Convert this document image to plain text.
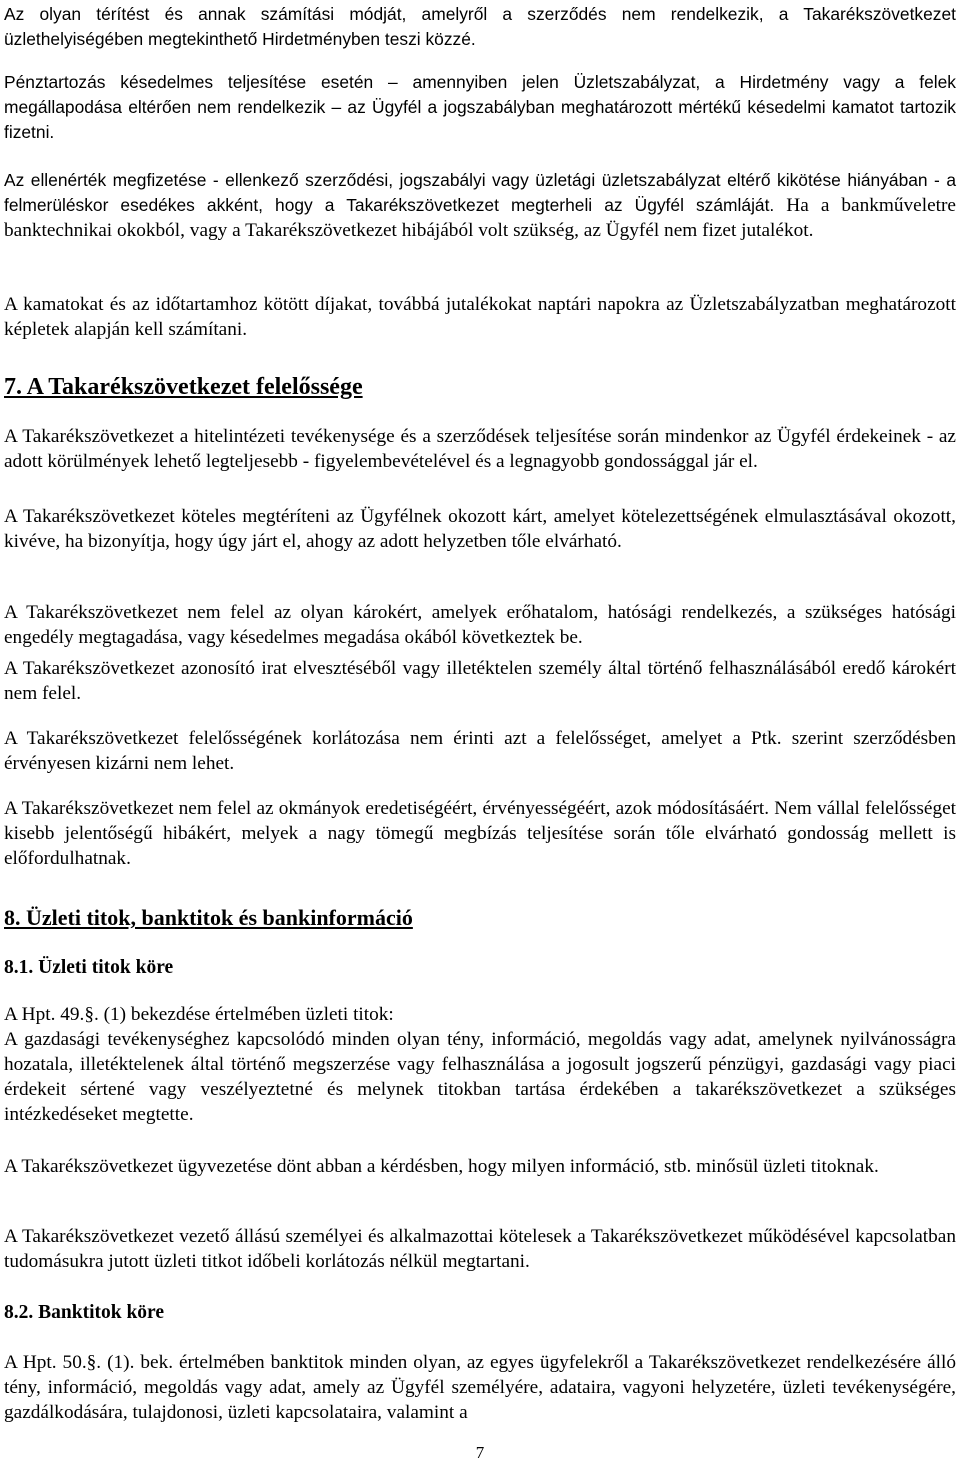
Az olyan térítést és annak számítási módját, amelyről a szerződés nem rendelkezik, a Takarékszövetkezet üzlethelyiségében megtekinthető Hirdetményben teszi közzé.

Pénztartozás késedelmes teljesítése esetén – amennyiben jelen Üzletszabályzat, a Hirdetmény vagy a felek megállapodása eltérően nem rendelkezik – az Ügyfél a jogszabályban meghatározott mértékű késedelmi kamatot tartozik fizetni.

Az ellenérték megfizetése - ellenkező szerződési, jogszabályi vagy üzletági üzletszabályzat eltérő kikötése hiányában - a felmerüléskor esedékes akként, hogy a Takarékszövetkezet megterheli az Ügyfél számláját. Ha a bankműveletre banktechnikai okokból, vagy a Takarékszövetkezet hibájából volt szükség, az Ügyfél nem fizet jutalékot.

A kamatokat és az időtartamhoz kötött díjakat, továbbá jutalékokat naptári napokra az Üzletszabályzatban meghatározott képletek alapján kell számítani.

7. A Takarékszövetkezet felelőssége

A Takarékszövetkezet a hitelintézeti tevékenysége és a szerződések teljesítése során mindenkor az Ügyfél érdekeinek - az adott körülmények lehető legteljesebb - figyelembevételével és a legnagyobb gondossággal jár el.

A Takarékszövetkezet köteles megtéríteni az Ügyfélnek okozott kárt, amelyet kötelezettségének elmulasztásával okozott, kivéve, ha bizonyítja, hogy úgy járt el, ahogy az adott helyzetben tőle elvárható.

A Takarékszövetkezet nem felel az olyan károkért, amelyek erőhatalom, hatósági rendelkezés, a szükséges hatósági engedély megtagadása, vagy késedelmes megadása okából következtek be.

A Takarékszövetkezet azonosító irat elvesztéséből vagy illetéktelen személy által történő felhasználásából eredő károkért nem felel.

A Takarékszövetkezet felelősségének korlátozása nem érinti azt a felelősséget, amelyet a Ptk. szerint szerződésben érvényesen kizárni nem lehet.

A Takarékszövetkezet nem felel az okmányok eredetiségéért, érvényességéért, azok módosításáért. Nem vállal felelősséget kisebb jelentőségű hibákért, melyek a nagy tömegű megbízás teljesítése során tőle elvárható gondosság mellett is előfordulhatnak.

8. Üzleti titok, banktitok és bankinformáció

8.1. Üzleti titok köre

A Hpt. 49.§. (1) bekezdése értelmében üzleti titok:

A gazdasági tevékenységhez kapcsolódó minden olyan tény, információ, megoldás vagy adat, amelynek nyilvánosságra hozatala, illetéktelenek által történő megszerzése vagy felhasználása a jogosult jogszerű pénzügyi, gazdasági vagy piaci érdekeit sértené vagy veszélyeztetné és melynek titokban tartása érdekében a takarékszövetkezet a szükséges intézkedéseket megtette.

A Takarékszövetkezet ügyvezetése dönt abban a kérdésben, hogy milyen információ, stb. minősül üzleti titoknak.

A Takarékszövetkezet vezető állású személyei és alkalmazottai kötelesek a Takarékszövetkezet működésével kapcsolatban tudomásukra jutott üzleti titkot időbeli korlátozás nélkül megtartani.

8.2. Banktitok köre

A Hpt. 50.§. (1). bek. értelmében banktitok minden olyan, az egyes ügyfelekről a Takarékszövetkezet rendelkezésére álló tény, információ, megoldás vagy adat, amely az Ügyfél személyére, adataira, vagyoni helyzetére, üzleti tevékenységére, gazdálkodására, tulajdonosi, üzleti kapcsolataira, valamint a

7
